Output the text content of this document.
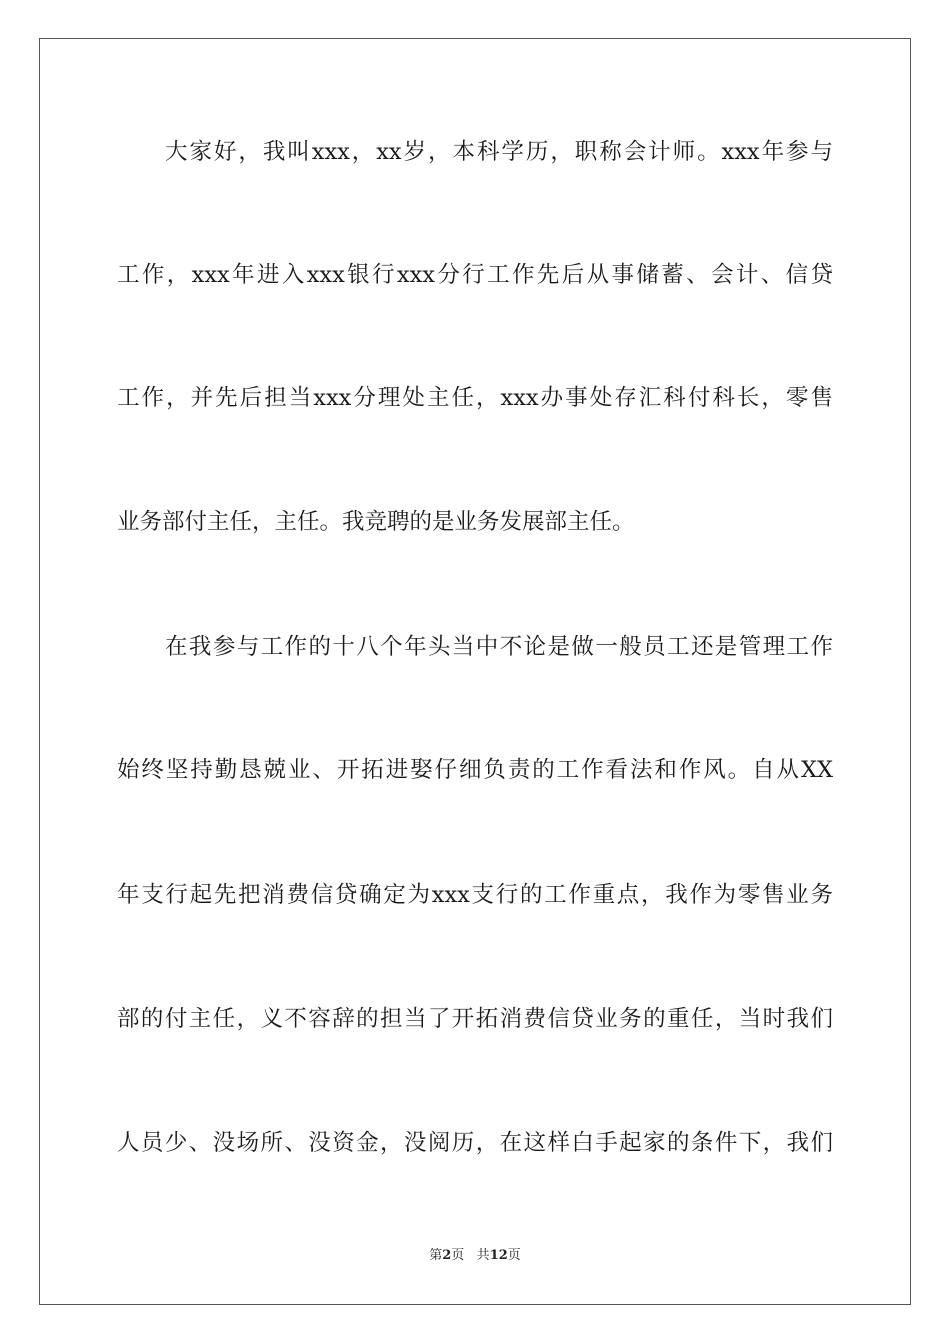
大家好，我叫xxx，xx岁，本科学历，职称会计师。xxx年参与
工作，xxx年进入xxx银行xxx分行工作先后从事储蓄、会计、信贷
工作，并先后担当xxx分理处主任，xxx办事处存汇科付科长，零售
业务部付主任，主任。我竞聘的是业务发展部主任。
在我参与工作的十八个年头当中不论是做一般员工还是管理工作
始终坚持勤恳兢业、开拓进娶仔细负责的工作看法和作风。自从XX
年支行起先把消费信贷确定为xxx支行的工作重点，我作为零售业务
部的付主任，义不容辞的担当了开拓消费信贷业务的重任，当时我们
人员少、没场所、没资金，没阅历，在这样白手起家的条件下，我们
第2页 共12页
